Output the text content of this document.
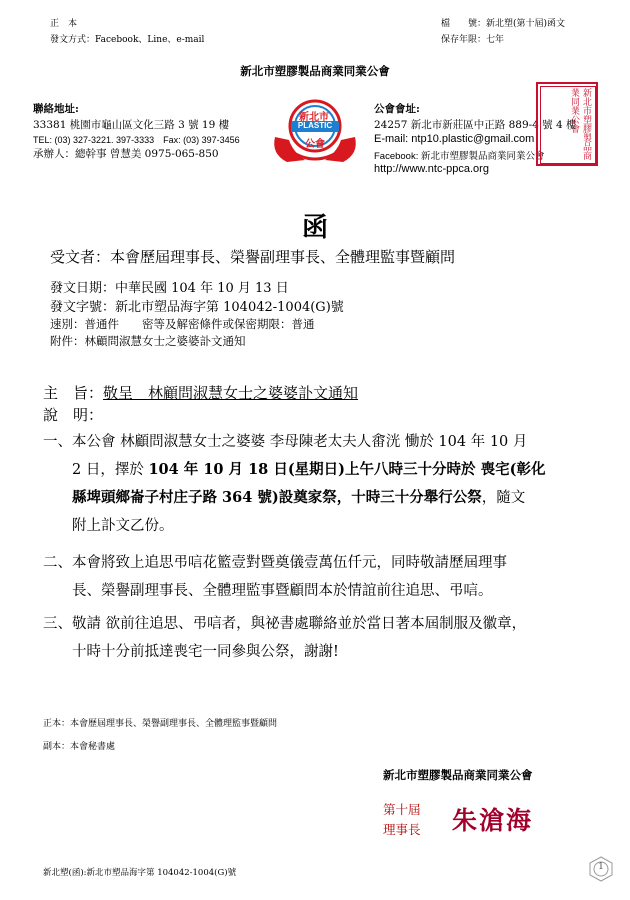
正　本
發文方式：Facebook、Line、e-mail
檔　　號：新北塑(第十屆)函文
保存年限：七年
新北市塑膠製品商業同業公會
聯絡地址:
33381 桃園市龜山區文化三路 3 號 19 樓
TEL: (03) 327-3221. 397-3333　Fax: (03) 397-3456
承辦人：總幹事 曾慧美 0975-065-850
新北市
PLASTIC
公會
公會會址:
24257 新北市新莊區中正路 889-4 號 4 樓
E-mail: ntp10.plastic@gmail.com
Facebook: 新北市塑膠製品商業同業公會
http://www.ntc-ppca.org
新北市塑膠製品商業同業公會
函
受文者：本會歷屆理事長、榮譽副理事長、全體理監事暨顧問
發文日期：中華民國 104 年 10 月 13 日
發文字號：新北市塑品海字第 104042-1004(G)號
速別：普通件　　密等及解密條件或保密期限：普通
附件：林顧問淑慧女士之婆婆訃文通知
主　旨：敬呈　林顧問淑慧女士之婆婆訃文通知
說　明：
一、本公會 林顧問淑慧女士之婆婆 李母陳老太夫人畬洸 慟於 104 年 10 月
2 日，擇於 104 年 10 月 18 日(星期日)上午八時三十分時於 喪宅(彰化
縣埤頭鄉崙子村庄子路 364 號)設奠家祭，十時三十分舉行公祭，隨文
附上訃文乙份。
二、本會將致上追思弔唁花籃壹對暨奠儀壹萬伍仟元，同時敬請歷屆理事
長、榮譽副理事長、全體理監事暨顧問本於情誼前往追思、弔唁。
三、敬請 欲前往追思、弔唁者，與祕書處聯絡並於當日著本屆制服及徽章，
十時十分前抵達喪宅一同參與公祭，謝謝!
正本：本會歷屆理事長、榮譽副理事長、全體理監事暨顧問
副本：本會秘書處
新北市塑膠製品商業同業公會
第十屆
理事長	朱滄海
新北塑(函):新北市塑品海字第 104042-1004(G)號
1
